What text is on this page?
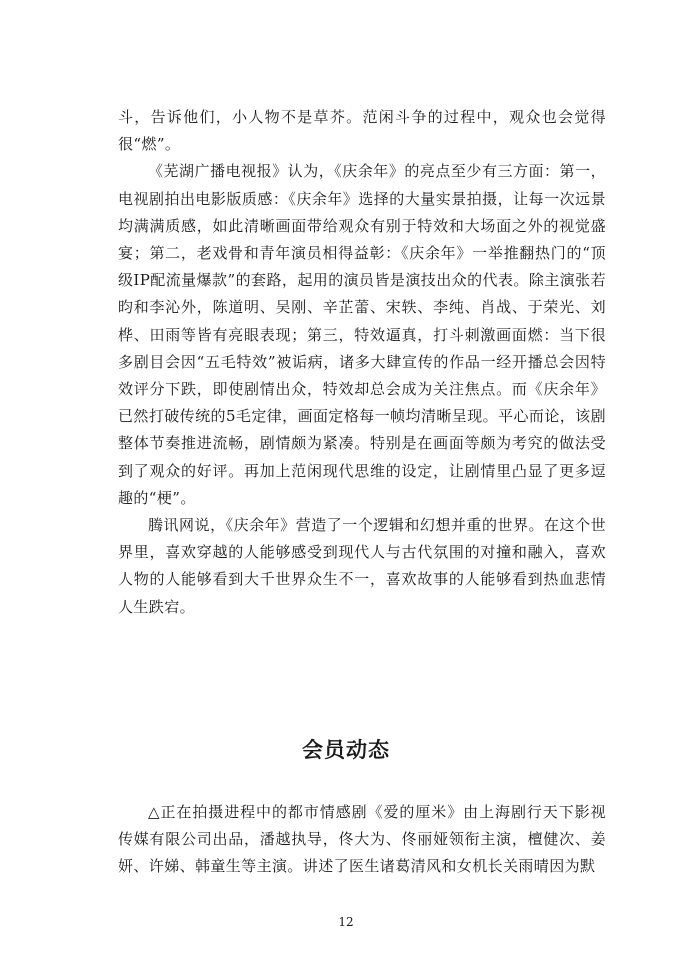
斗，告诉他们，小人物不是草芥。范闲斗争的过程中，观众也会觉得很“燃”。

《芜湖广播电视报》认为，《庆余年》的亮点至少有三方面：第一，电视剧拍出电影版质感：《庆余年》选择的大量实景拍摄，让每一次远景均满满质感，如此清晰画面带给观众有别于特效和大场面之外的视觉盛宴；第二，老戏骨和青年演员相得益彰：《庆余年》一举推翻热门的“顶级IP配流量爆款”的套路，起用的演员皆是演技出众的代表。除主演张若昀和李沁外，陈道明、吴刚、辛芷蕾、宋轶、李纯、肖战、于荣光、刘桦、田雨等皆有亮眼表现；第三，特效逼真，打斗刺激画面燃：当下很多剧目会因“五毛特效”被诟病，诸多大肆宣传的作品一经开播总会因特效评分下跌，即使剧情出众，特效却总会成为关注焦点。而《庆余年》已然打破传统的5毛定律，画面定格每一帧均清晰呈现。平心而论，该剧整体节奏推进流畅，剧情颇为紧凑。特别是在画面等颇为考究的做法受到了观众的好评。再加上范闲现代思维的设定，让剧情里凸显了更多逗趣的“梗”。

腾讯网说，《庆余年》营造了一个逻辑和幻想并重的世界。在这个世界里，喜欢穿越的人能够感受到现代人与古代氛围的对撞和融入，喜欢人物的人能够看到大千世界众生不一，喜欢故事的人能够看到热血悲情人生跌宕。

会员动态

△正在拍摄进程中的都市情感剧《爱的厘米》由上海剧行天下影视传媒有限公司出品，潘越执导，佟大为、佟丽娅领衔主演，檀健次、姜妍、许娣、韩童生等主演。讲述了医生诸葛清风和女机长关雨晴因为默

12
